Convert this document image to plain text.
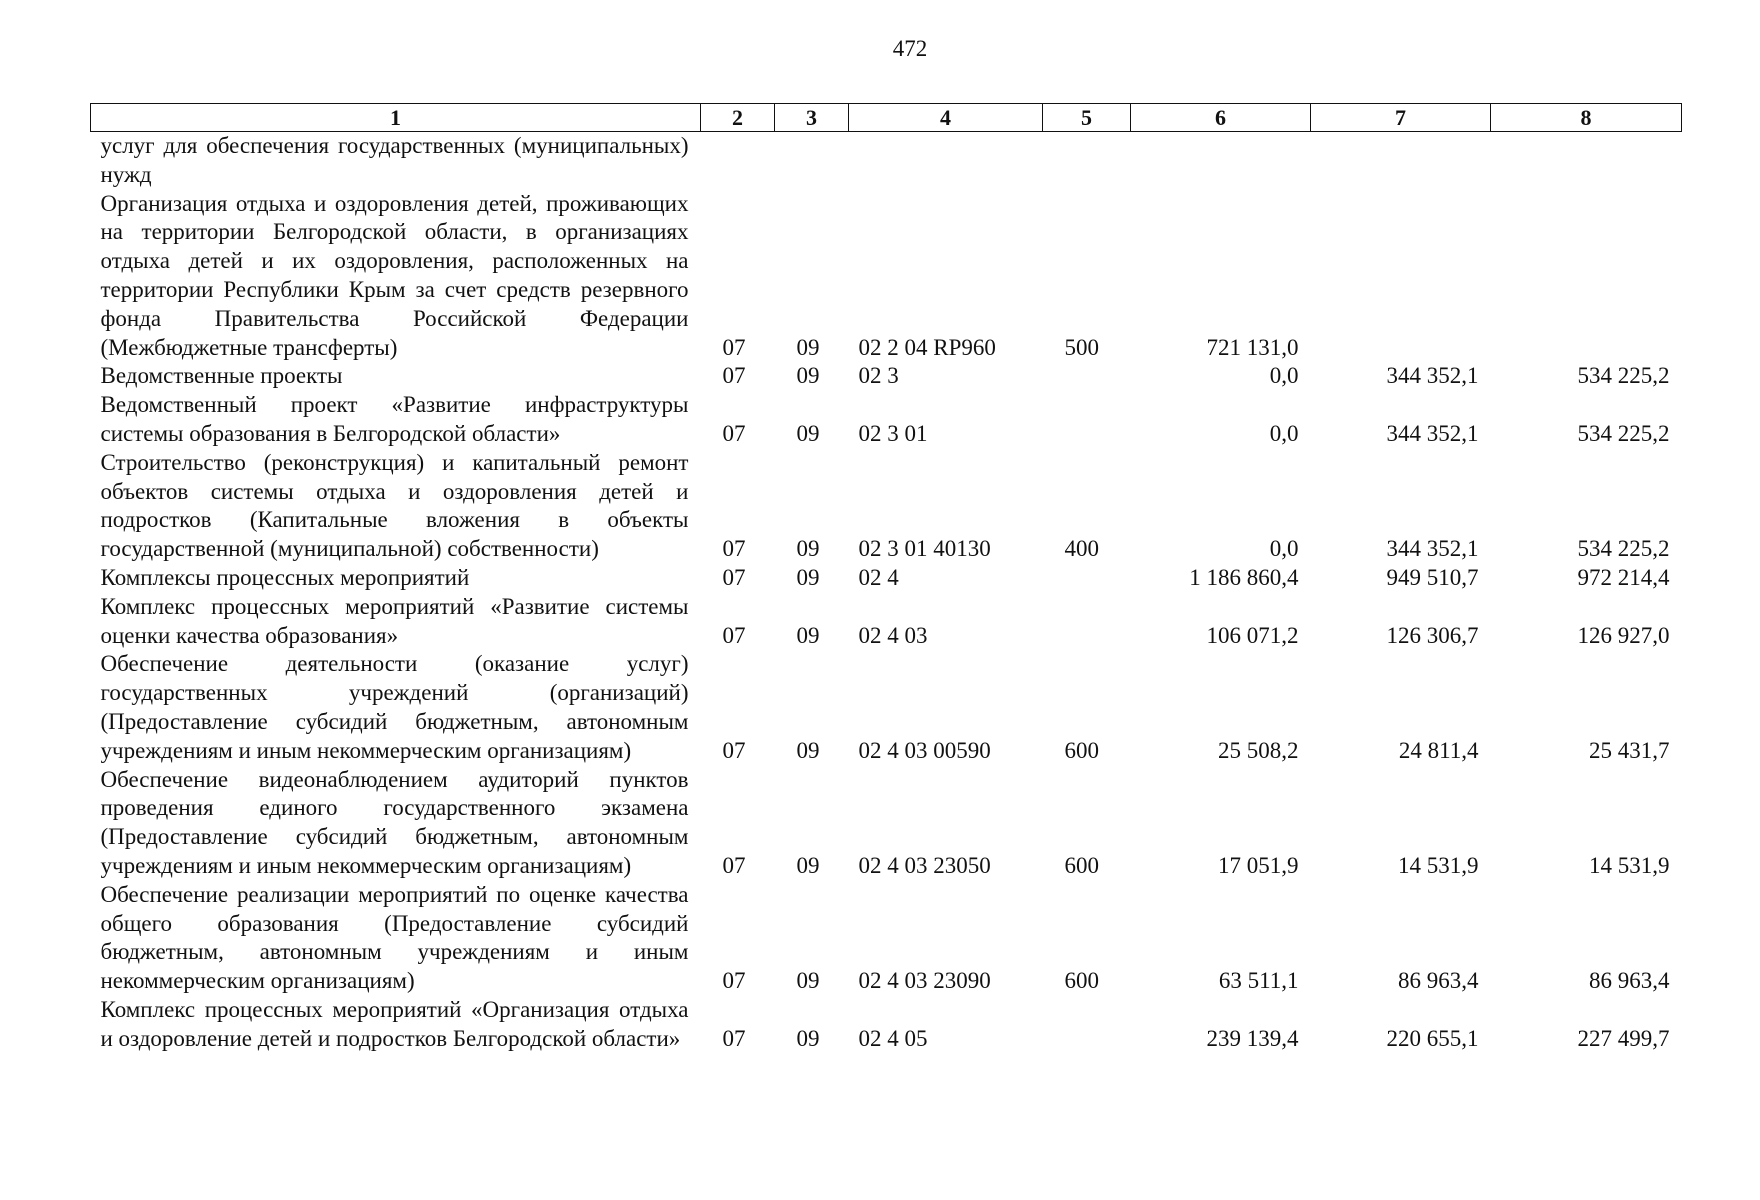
472
1	2	3	4	5	6	7	8
услуг для обеспечения государственных (муниципальных) нужд							
Организация отдыха и оздоровления детей, проживающих на территории Белгородской области, в организациях отдыха детей и их оздоровления, расположенных на территории Республики Крым за счет средств резервного фонда Правительства Российской Федерации (Межбюджетные трансферты)	07	09	02 2 04 RP960	500	721 131,0		
Ведомственные проекты	07	09	02 3		0,0	344 352,1	534 225,2
Ведомственный проект «Развитие инфраструктуры системы образования в Белгородской области»	07	09	02 3 01		0,0	344 352,1	534 225,2
Строительство (реконструкция) и капитальный ремонт объектов системы отдыха и оздоровления детей и подростков (Капитальные вложения в объекты государственной (муниципальной) собственности)	07	09	02 3 01 40130	400	0,0	344 352,1	534 225,2
Комплексы процессных мероприятий	07	09	02 4		1 186 860,4	949 510,7	972 214,4
Комплекс процессных мероприятий «Развитие системы оценки качества образования»	07	09	02 4 03		106 071,2	126 306,7	126 927,0
Обеспечение деятельности (оказание услуг) государственных учреждений (организаций) (Предоставление субсидий бюджетным, автономным учреждениям и иным некоммерческим организациям)	07	09	02 4 03 00590	600	25 508,2	24 811,4	25 431,7
Обеспечение видеонаблюдением аудиторий пунктов проведения единого государственного экзамена (Предоставление субсидий бюджетным, автономным учреждениям и иным некоммерческим организациям)	07	09	02 4 03 23050	600	17 051,9	14 531,9	14 531,9
Обеспечение реализации мероприятий по оценке качества общего образования (Предоставление субсидий бюджетным, автономным учреждениям и иным некоммерческим организациям)	07	09	02 4 03 23090	600	63 511,1	86 963,4	86 963,4
Комплекс процессных мероприятий «Организация отдыха и оздоровление детей и подростков Белгородской области»	07	09	02 4 05		239 139,4	220 655,1	227 499,7
